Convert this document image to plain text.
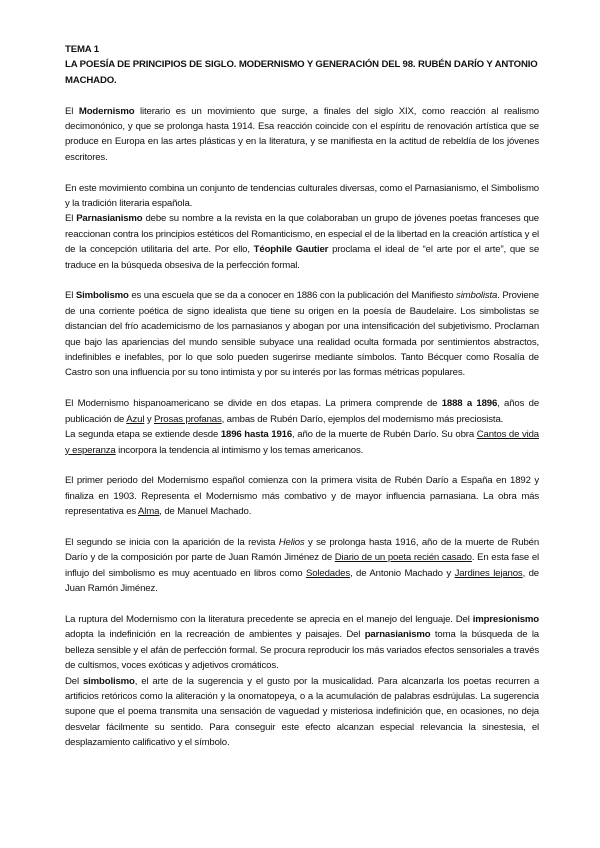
TEMA 1

LA POESÍA DE PRINCIPIOS DE SIGLO. MODERNISMO Y GENERACIÓN DEL 98. RUBÉN DARÍO Y ANTONIO MACHADO.

El Modernismo literario es un movimiento que surge, a finales del siglo XIX, como reacción al realismo decimonónico, y que se prolonga hasta 1914. Esa reacción coincide con el espíritu de renovación artística que se produce en Europa en las artes plásticas y en la literatura, y se manifiesta en la actitud de rebeldía de los jóvenes escritores.

En este movimiento combina un conjunto de tendencias culturales diversas, como el Parnasianismo, el Simbolismo y la tradición literaria española.

El Parnasianismo debe su nombre a la revista en la que colaboraban un grupo de jóvenes poetas franceses que reaccionan contra los principios estéticos del Romanticismo, en especial el de la libertad en la creación artística y el de la concepción utilitaria del arte. Por ello, Téophile Gautier proclama el ideal de “el arte por el arte”, que se traduce en la búsqueda obsesiva de la perfección formal.

El Simbolismo es una escuela que se da a conocer en 1886 con la publicación del Manifiesto simbolista. Proviene de una corriente poética de signo idealista que tiene su origen en la poesía de Baudelaire. Los simbolistas se distancian del frío academicismo de los parnasianos y abogan por una intensificación del subjetivismo. Proclaman que bajo las apariencias del mundo sensible subyace una realidad oculta formada por sentimientos abstractos, indefinibles e inefables, por lo que solo pueden sugerirse mediante símbolos. Tanto Bécquer como Rosalía de Castro son una influencia por su tono intimista y por su interés por las formas métricas populares.

El Modernismo hispanoamericano se divide en dos etapas. La primera comprende de 1888 a 1896, años de publicación de Azul y Prosas profanas, ambas de Rubén Darío, ejemplos del modernismo más preciosista.

La segunda etapa se extiende desde 1896 hasta 1916, año de la muerte de Rubén Darío. Su obra Cantos de vida y esperanza incorpora la tendencia al intimismo y los temas americanos.

El primer periodo del Modernismo español comienza con la primera visita de Rubén Darío a España en 1892 y finaliza en 1903. Representa el Modernismo más combativo y de mayor influencia parnasiana. La obra más representativa es Alma, de Manuel Machado.

El segundo se inicia con la aparición de la revista Helios y se prolonga hasta 1916, año de la muerte de Rubén Darío y de la composición por parte de Juan Ramón Jiménez de Diario de un poeta recién casado. En esta fase el influjo del simbolismo es muy acentuado en libros como Soledades, de Antonio Machado y Jardines lejanos, de Juan Ramón Jiménez.

La ruptura del Modernismo con la literatura precedente se aprecia en el manejo del lenguaje. Del impresionismo adopta la indefinición en la recreación de ambientes y paisajes. Del parnasianismo toma la búsqueda de la belleza sensible y el afán de perfección formal. Se procura reproducir los más variados efectos sensoriales a través de cultismos, voces exóticas y adjetivos cromáticos.

Del simbolismo, el arte de la sugerencia y el gusto por la musicalidad. Para alcanzarla los poetas recurren a artificios retóricos como la aliteración y la onomatopeya, o a la acumulación de palabras esdrújulas. La sugerencia supone que el poema transmita una sensación de vaguedad y misteriosa indefinición que, en ocasiones, no deja desvelar fácilmente su sentido. Para conseguir este efecto alcanzan especial relevancia la sinestesia, el desplazamiento calificativo y el símbolo.
